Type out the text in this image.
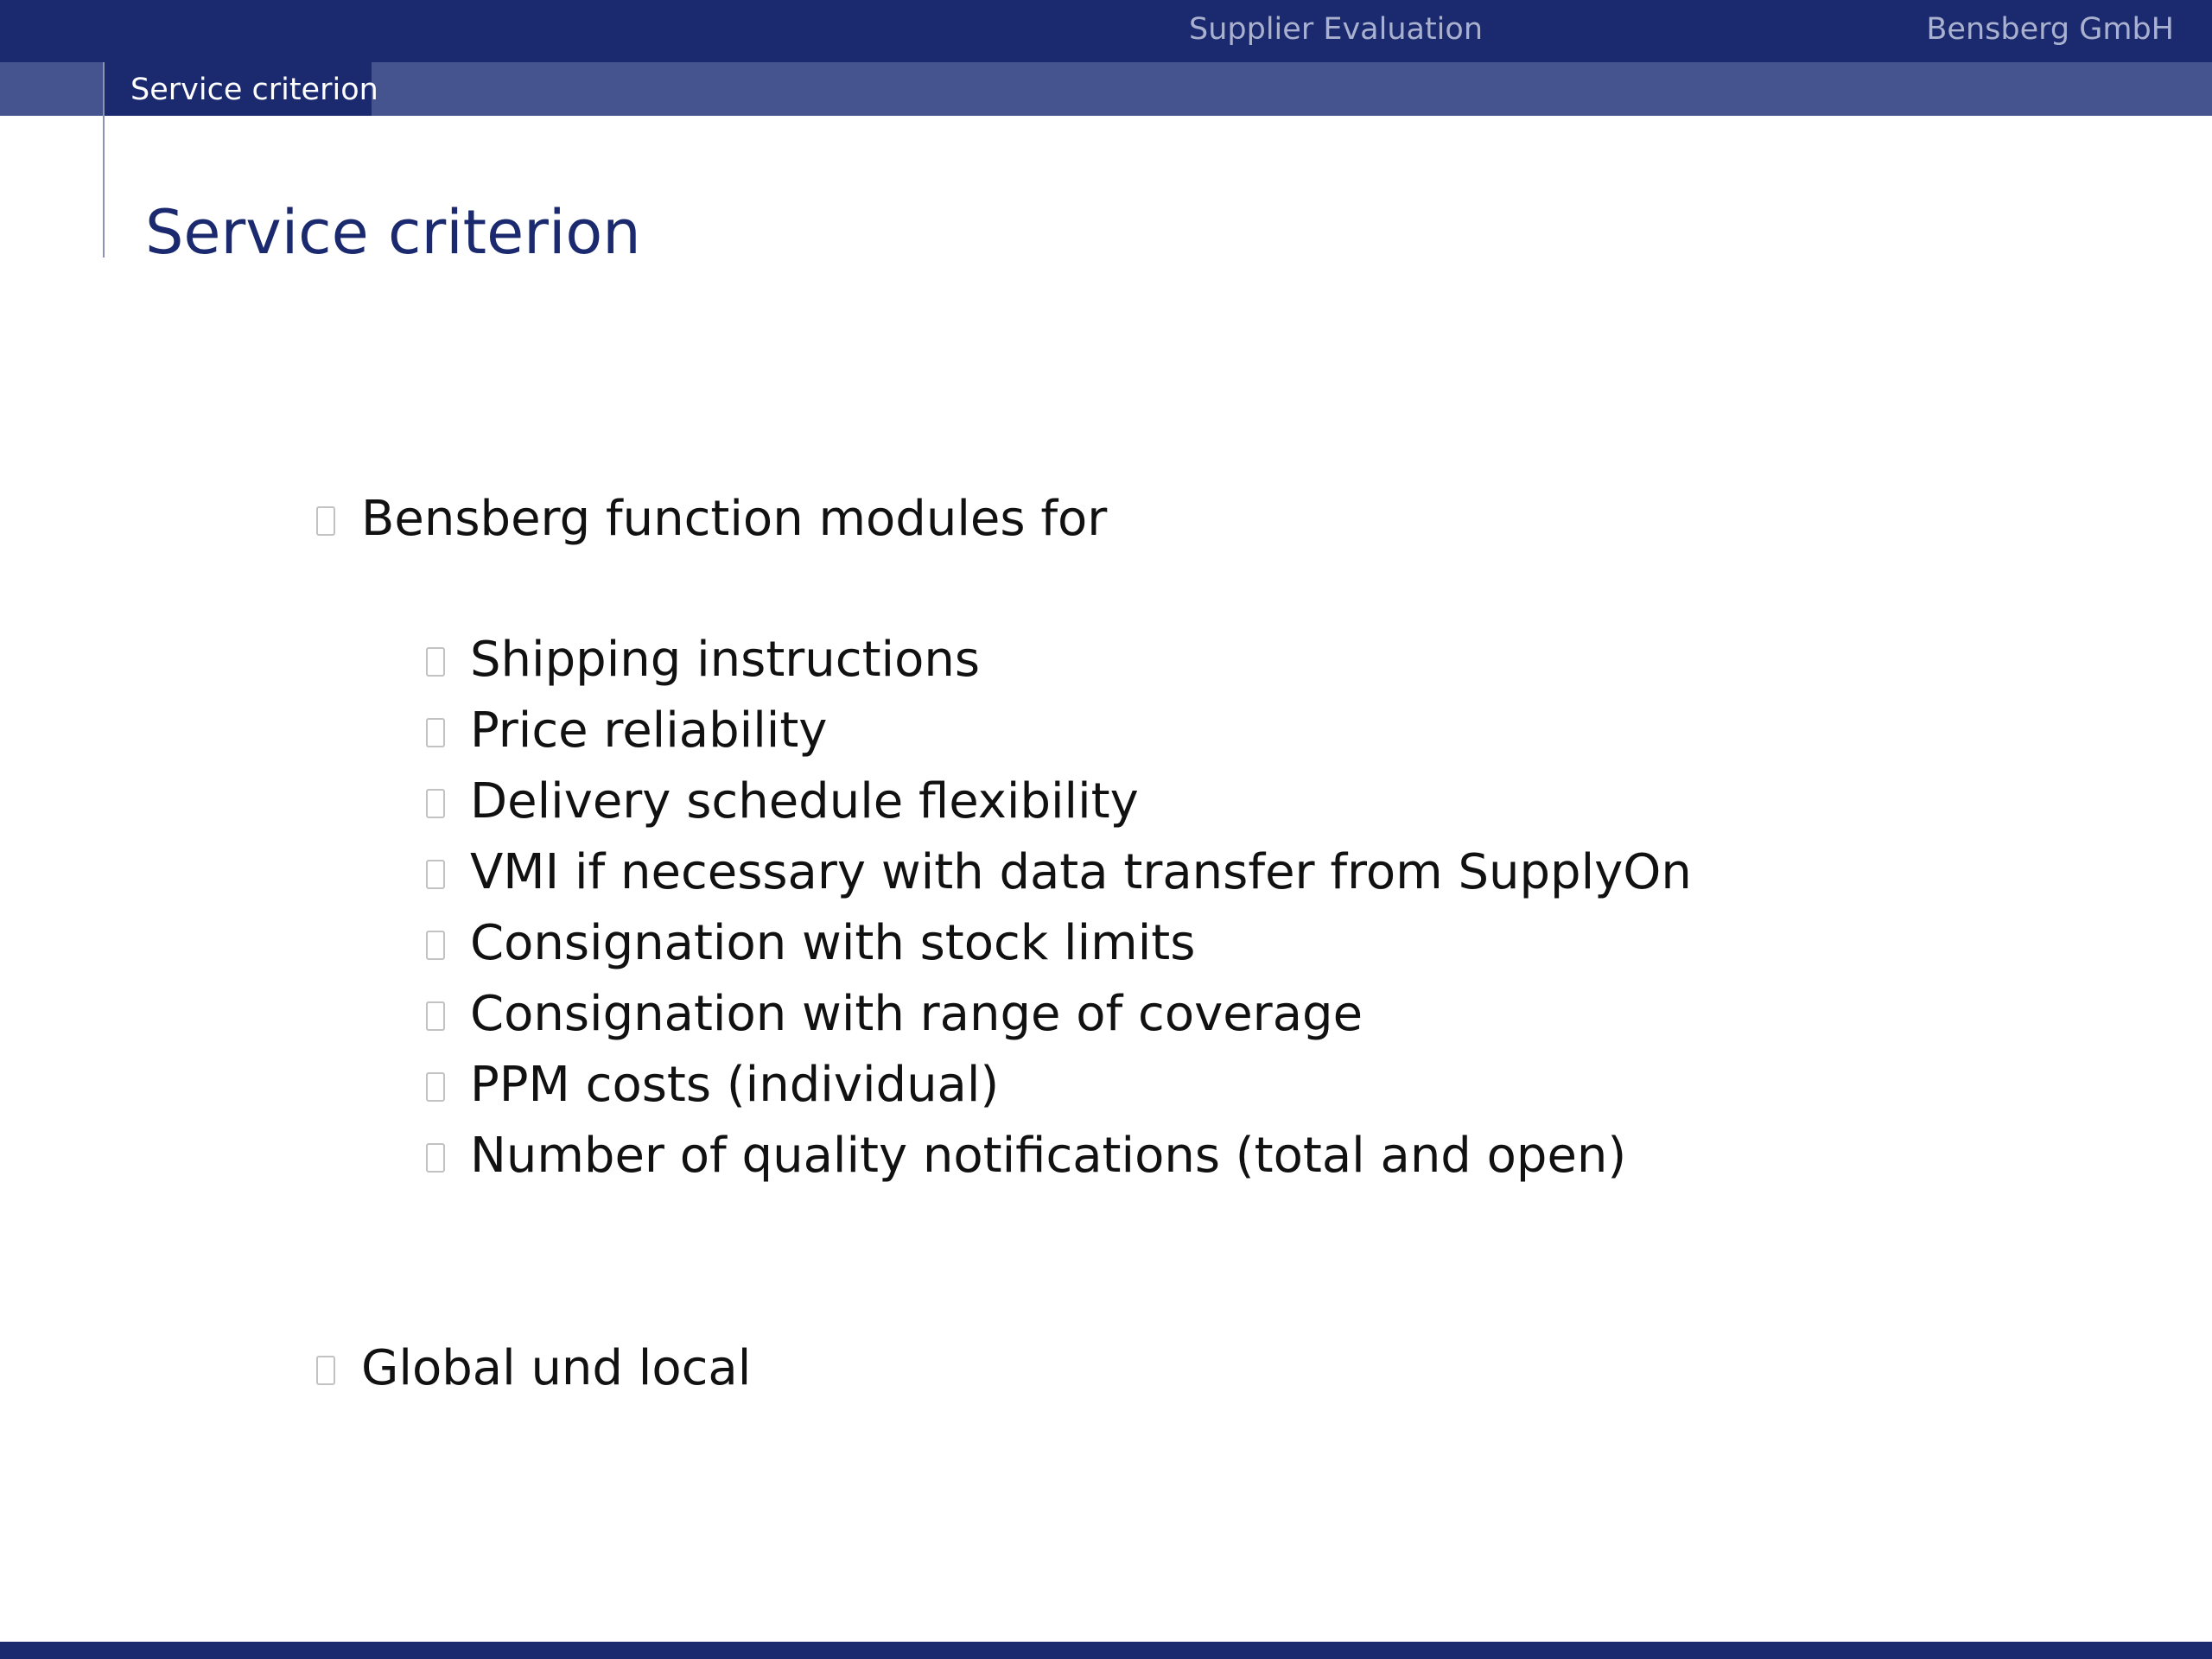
Supplier Evaluation	Bensberg GmbH
Service criterion
Service criterion
Bensberg function modules for
Shipping instructions
Price reliability
Delivery schedule flexibility
VMI if necessary with data transfer from SupplyOn
Consignation with stock limits
Consignation with range of coverage
PPM costs (individual)
Number of quality notifications (total and open)
Global und local
